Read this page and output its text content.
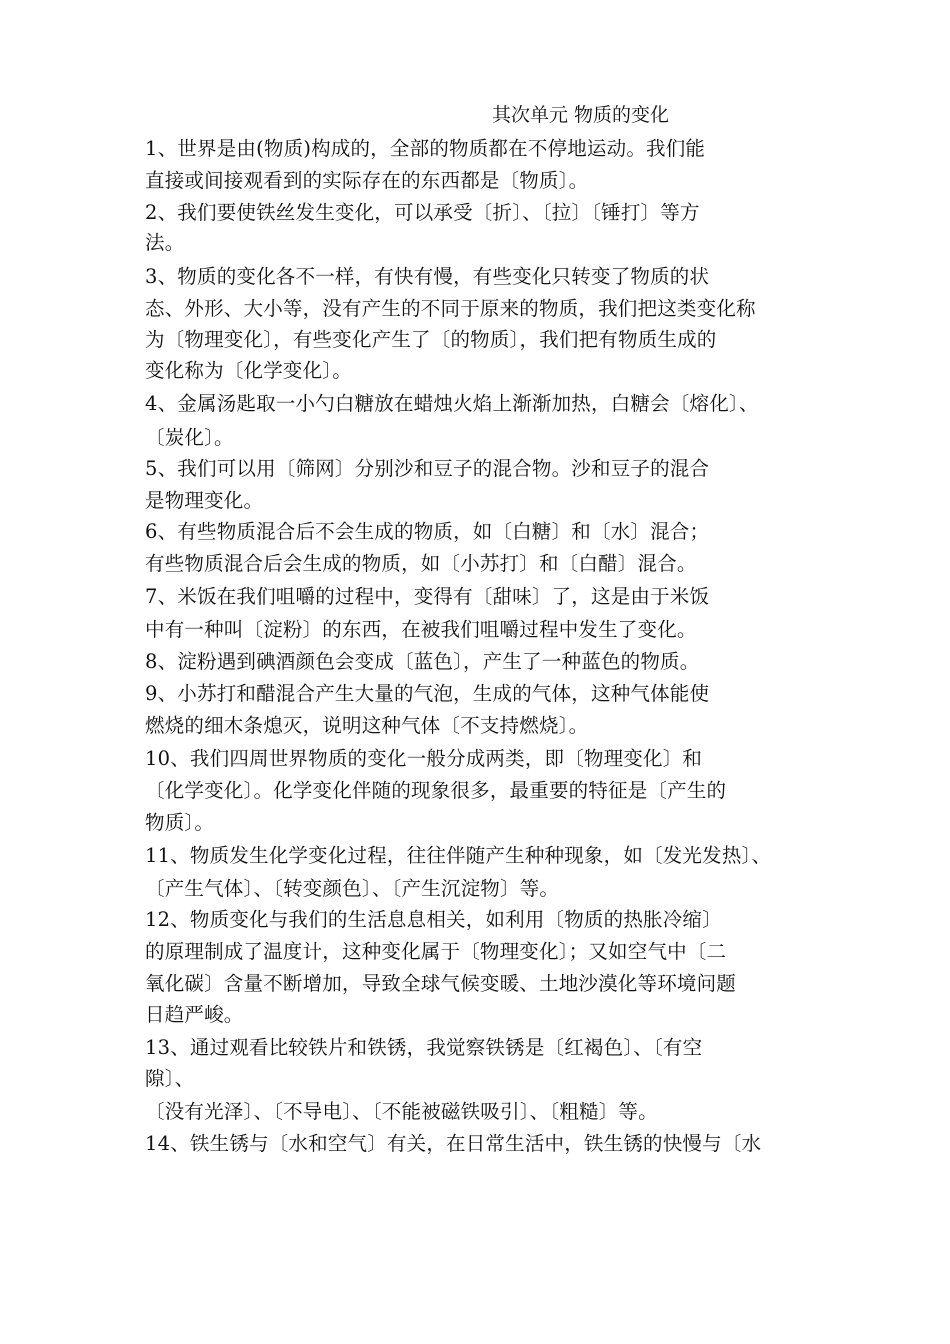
其次单元 物质的变化
1、世界是由(物质)构成的，全部的物质都在不停地运动。我们能
直接或间接观看到的实际存在的东西都是〔物质〕。
2、我们要使铁丝发生变化，可以承受〔折〕、〔拉〕〔锤打〕等方
法。
3、物质的变化各不一样，有快有慢，有些变化只转变了物质的状
态、外形、大小等，没有产生的不同于原来的物质，我们把这类变化称
为〔物理变化〕，有些变化产生了〔的物质〕，我们把有物质生成的
变化称为〔化学变化〕。
4、金属汤匙取一小勺白糖放在蜡烛火焰上渐渐加热，白糖会〔熔化〕、
〔炭化〕。
5、我们可以用〔筛网〕分别沙和豆子的混合物。沙和豆子的混合
是物理变化。
6、有些物质混合后不会生成的物质，如〔白糖〕和〔水〕混合；
有些物质混合后会生成的物质，如〔小苏打〕和〔白醋〕混合。
7、米饭在我们咀嚼的过程中，变得有〔甜味〕了，这是由于米饭
中有一种叫〔淀粉〕的东西，在被我们咀嚼过程中发生了变化。
8、淀粉遇到碘酒颜色会变成〔蓝色〕，产生了一种蓝色的物质。
9、小苏打和醋混合产生大量的气泡，生成的气体，这种气体能使
燃烧的细木条熄灭，说明这种气体〔不支持燃烧〕。
10、我们四周世界物质的变化一般分成两类，即〔物理变化〕和
〔化学变化〕。化学变化伴随的现象很多，最重要的特征是〔产生的
物质〕。
11、物质发生化学变化过程，往往伴随产生种种现象，如〔发光发热〕、
〔产生气体〕、〔转变颜色〕、〔产生沉淀物〕等。
12、物质变化与我们的生活息息相关，如利用〔物质的热胀冷缩〕
的原理制成了温度计，这种变化属于〔物理变化〕；又如空气中〔二
氧化碳〕含量不断增加，导致全球气候变暖、土地沙漠化等环境问题
日趋严峻。
13、通过观看比较铁片和铁锈，我觉察铁锈是〔红褐色〕、〔有空
隙〕、
〔没有光泽〕、〔不导电〕、〔不能被磁铁吸引〕、〔粗糙〕等。
14、铁生锈与〔水和空气〕有关，在日常生活中，铁生锈的快慢与〔水
